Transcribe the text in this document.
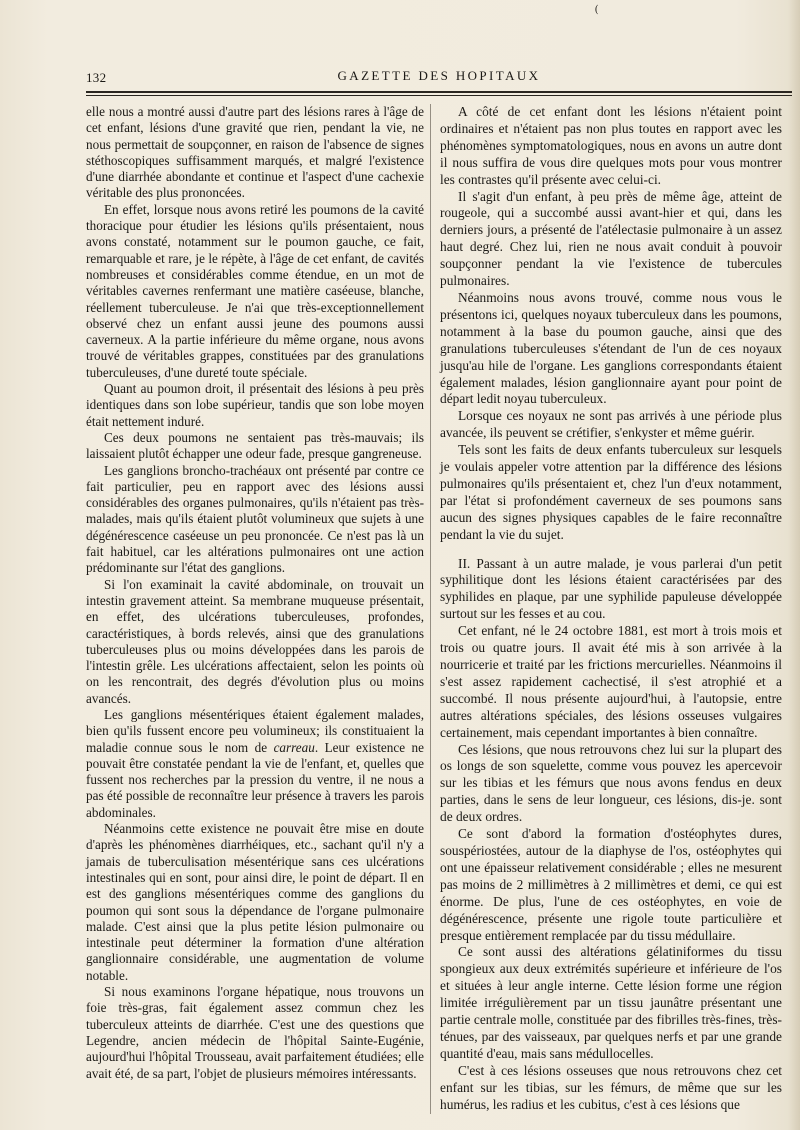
132	GAZETTE DES HOPITAUX
(

elle nous a montré aussi d'autre part des lésions rares à l'âge de cet enfant, lésions d'une gravité que rien, pendant la vie, ne nous permettait de soupçonner, en raison de l'absence de signes stéthoscopiques suffisamment marqués, et malgré l'existence d'une diarrhée abondante et continue et l'aspect d'une cachexie véritable des plus prononcées.

En effet, lorsque nous avons retiré les poumons de la cavité thoracique pour étudier les lésions qu'ils présentaient, nous avons constaté, notamment sur le poumon gauche, ce fait, remarquable et rare, je le répète, à l'âge de cet enfant, de cavités nombreuses et considérables comme étendue, en un mot de véritables cavernes renfermant une matière caséeuse, blanche, réellement tuberculeuse. Je n'ai que très-exceptionnellement observé chez un enfant aussi jeune des poumons aussi caverneux. A la partie inférieure du même organe, nous avons trouvé de véritables grappes, constituées par des granulations tuberculeuses, d'une dureté toute spéciale.

Quant au poumon droit, il présentait des lésions à peu près identiques dans son lobe supérieur, tandis que son lobe moyen était nettement induré.

Ces deux poumons ne sentaient pas très-mauvais; ils laissaient plutôt échapper une odeur fade, presque gangreneuse.

Les ganglions broncho-trachéaux ont présenté par contre ce fait particulier, peu en rapport avec des lésions aussi considérables des organes pulmonaires, qu'ils n'étaient pas très-malades, mais qu'ils étaient plutôt volumineux que sujets à une dégénérescence caséeuse un peu prononcée. Ce n'est pas là un fait habituel, car les altérations pulmonaires ont une action prédominante sur l'état des ganglions.

Si l'on examinait la cavité abdominale, on trouvait un intestin gravement atteint. Sa membrane muqueuse présentait, en effet, des ulcérations tuberculeuses, profondes, caractéristiques, à bords relevés, ainsi que des granulations tuberculeuses plus ou moins développées dans les parois de l'intestin grêle. Les ulcérations affectaient, selon les points où on les rencontrait, des degrés d'évolution plus ou moins avancés.

Les ganglions mésentériques étaient également malades, bien qu'ils fussent encore peu volumineux; ils constituaient la maladie connue sous le nom de carreau. Leur existence ne pouvait être constatée pendant la vie de l'enfant, et, quelles que fussent nos recherches par la pression du ventre, il ne nous a pas été possible de reconnaître leur présence à travers les parois abdominales.

Néanmoins cette existence ne pouvait être mise en doute d'après les phénomènes diarrhéiques, etc., sachant qu'il n'y a jamais de tuberculisation mésentérique sans ces ulcérations intestinales qui en sont, pour ainsi dire, le point de départ. Il en est des ganglions mésentériques comme des ganglions du poumon qui sont sous la dépendance de l'organe pulmonaire malade. C'est ainsi que la plus petite lésion pulmonaire ou intestinale peut déterminer la formation d'une altération ganglionnaire considérable, une augmentation de volume notable.

Si nous examinons l'organe hépatique, nous trouvons un foie très-gras, fait également assez commun chez les tuberculeux atteints de diarrhée. C'est une des questions que Legendre, ancien médecin de l'hôpital Sainte-Eugénie, aujourd'hui l'hôpital Trousseau, avait parfaitement étudiées; elle avait été, de sa part, l'objet de plusieurs mémoires intéressants.

A côté de cet enfant dont les lésions n'étaient point ordinaires et n'étaient pas non plus toutes en rapport avec les phénomènes symptomatologiques, nous en avons un autre dont il nous suffira de vous dire quelques mots pour vous montrer les contrastes qu'il présente avec celui-ci.

Il s'agit d'un enfant, à peu près de même âge, atteint de rougeole, qui a succombé aussi avant-hier et qui, dans les derniers jours, a présenté de l'atélectasie pulmonaire à un assez haut degré. Chez lui, rien ne nous avait conduit à pouvoir soupçonner pendant la vie l'existence de tubercules pulmonaires.

Néanmoins nous avons trouvé, comme nous vous le présentons ici, quelques noyaux tuberculeux dans les poumons, notamment à la base du poumon gauche, ainsi que des granulations tuberculeuses s'étendant de l'un de ces noyaux jusqu'au hile de l'organe. Les ganglions correspondants étaient également malades, lésion ganglionnaire ayant pour point de départ ledit noyau tuberculeux.

Lorsque ces noyaux ne sont pas arrivés à une période plus avancée, ils peuvent se crétifier, s'enkyster et même guérir.

Tels sont les faits de deux enfants tuberculeux sur lesquels je voulais appeler votre attention par la différence des lésions pulmonaires qu'ils présentaient et, chez l'un d'eux notamment, par l'état si profondément caverneux de ses poumons sans aucun des signes physiques capables de le faire reconnaître pendant la vie du sujet.

II. Passant à un autre malade, je vous parlerai d'un petit syphilitique dont les lésions étaient caractérisées par des syphilides en plaque, par une syphilide papuleuse développée surtout sur les fesses et au cou.

Cet enfant, né le 24 octobre 1881, est mort à trois mois et trois ou quatre jours. Il avait été mis à son arrivée à la nourricerie et traité par les frictions mercurielles. Néanmoins il s'est assez rapidement cachectisé, il s'est atrophié et a succombé. Il nous présente aujourd'hui, à l'autopsie, entre autres altérations spéciales, des lésions osseuses vulgaires certainement, mais cependant importantes à bien connaître.

Ces lésions, que nous retrouvons chez lui sur la plupart des os longs de son squelette, comme vous pouvez les apercevoir sur les tibias et les fémurs que nous avons fendus en deux parties, dans le sens de leur longueur, ces lésions, dis-je. sont de deux ordres.

Ce sont d'abord la formation d'ostéophytes dures, souspériostées, autour de la diaphyse de l'os, ostéophytes qui ont une épaisseur relativement considérable ; elles ne mesurent pas moins de 2 millimètres à 2 millimètres et demi, ce qui est énorme. De plus, l'une de ces ostéophytes, en voie de dégénérescence, présente une rigole toute particulière et presque entièrement remplacée par du tissu médullaire.

Ce sont aussi des altérations gélatiniformes du tissu spongieux aux deux extrémités supérieure et inférieure de l'os et situées à leur angle interne. Cette lésion forme une région limitée irrégulièrement par un tissu jaunâtre présentant une partie centrale molle, constituée par des fibrilles très-fines, très-ténues, par des vaisseaux, par quelques nerfs et par une grande quantité d'eau, mais sans médullocelles.

C'est à ces lésions osseuses que nous retrouvons chez cet enfant sur les tibias, sur les fémurs, de même que sur les humérus, les radius et les cubitus, c'est à ces lésions que
